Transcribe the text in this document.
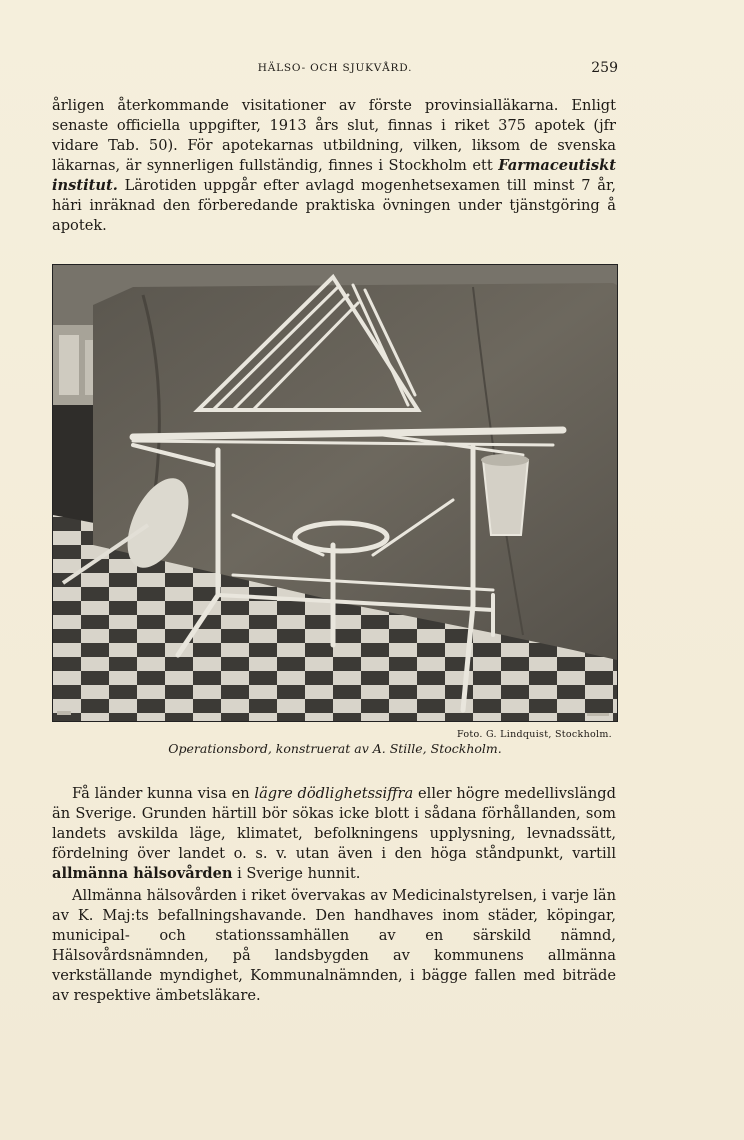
HÄLSO- OCH SJUKVÅRD.	259

årligen återkommande visitationer av förste provinsialläkarna. Enligt senaste officiella uppgifter, 1913 års slut, finnas i riket 375 apotek (jfr vidare Tab. 50). För apotekarnas utbildning, vilken, liksom de svenska läkarnas, är synnerligen fullständig, finnes i Stockholm ett Farmaceutiskt institut. Lärotiden uppgår efter avlagd mogenhetsexamen till minst 7 år, häri inräknad den förberedande praktiska övningen under tjänstgöring å apotek.

Foto. G. Lindquist, Stockholm.
Operationsbord, konstruerat av A. Stille, Stockholm.

Få länder kunna visa en lägre dödlighetssiffra eller högre medellivslängd än Sverige. Grunden härtill bör sökas icke blott i sådana förhållanden, som landets avskilda läge, klimatet, befolkningens upplysning, levnadssätt, fördelning över landet o. s. v. utan även i den höga ståndpunkt, vartill allmänna hälsovården i Sverige hunnit.

Allmänna hälsovården i riket övervakas av Medicinalstyrelsen, i varje län av K. Maj:ts befallningshavande. Den handhaves inom städer, köpingar, municipal- och stationssamhällen av en särskild nämnd, Hälsovårdsnämnden, på landsbygden av kommunens allmänna verkställande myndighet, Kommunalnämnden, i bägge fallen med biträde av respektive ämbetsläkare.
